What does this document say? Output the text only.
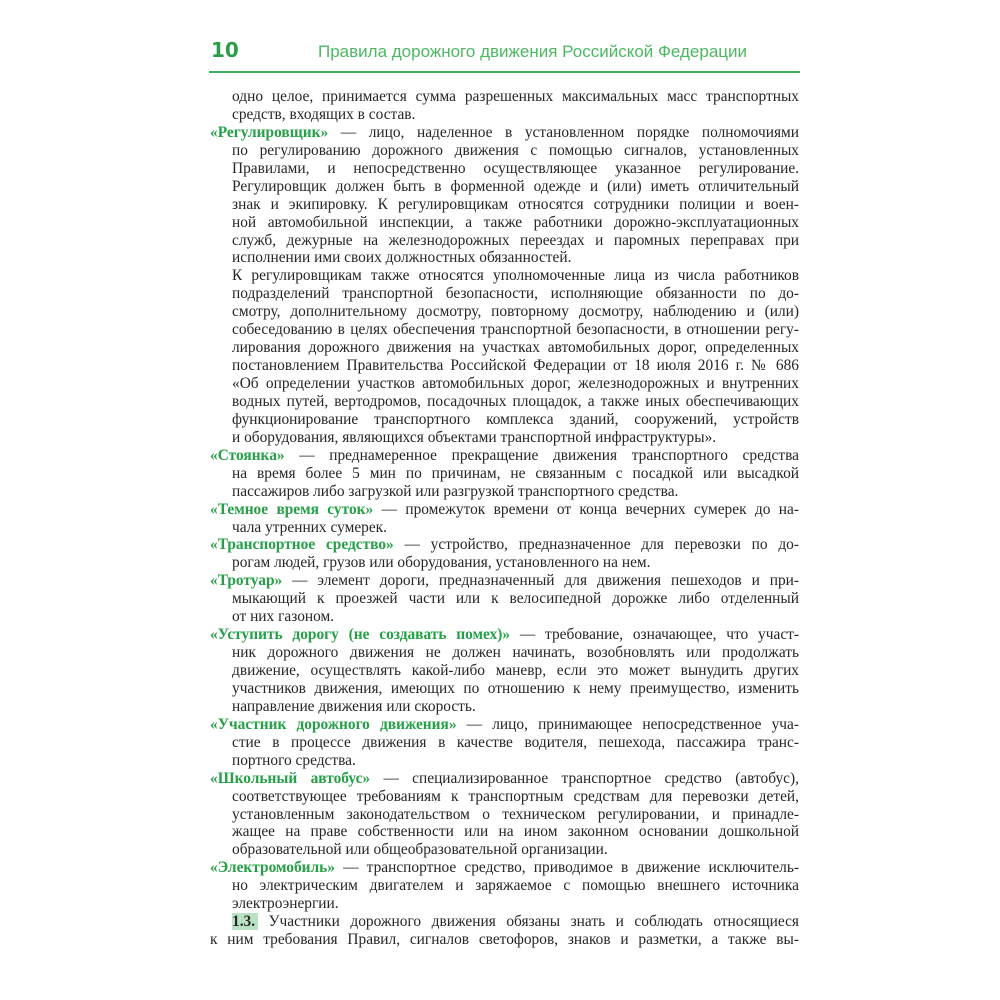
10	Правила дорожного движения Российской Федерации
одно целое, принимается сумма разрешенных максимальных масс транспортных
средств, входящих в состав.
«Регулировщик» — лицо, наделенное в установленном порядке полномочиями
по регулированию дорожного движения с помощью сигналов, установленных
Правилами, и непосредственно осуществляющее указанное регулирование.
Регулировщик должен быть в форменной одежде и (или) иметь отличительный
знак и экипировку. К регулировщикам относятся сотрудники полиции и воен-
ной автомобильной инспекции, а также работники дорожно-эксплуатационных
служб, дежурные на железнодорожных переездах и паромных переправах при
исполнении ими своих должностных обязанностей.
К регулировщикам также относятся уполномоченные лица из числа работников
подразделений транспортной безопасности, исполняющие обязанности по до-
смотру, дополнительному досмотру, повторному досмотру, наблюдению и (или)
собеседованию в целях обеспечения транспортной безопасности, в отношении регу-
лирования дорожного движения на участках автомобильных дорог, определенных
постановлением Правительства Российской Федерации от 18 июля 2016 г. № 686
«Об определении участков автомобильных дорог, железнодорожных и внутренних
водных путей, вертодромов, посадочных площадок, а также иных обеспечивающих
функционирование транспортного комплекса зданий, сооружений, устройств
и оборудования, являющихся объектами транспортной инфраструктуры».
«Стоянка» — преднамеренное прекращение движения транспортного средства
на время более 5 мин по причинам, не связанным с посадкой или высадкой
пассажиров либо загрузкой или разгрузкой транспортного средства.
«Темное время суток» — промежуток времени от конца вечерних сумерек до на-
чала утренних сумерек.
«Транспортное средство» — устройство, предназначенное для перевозки по до-
рогам людей, грузов или оборудования, установленного на нем.
«Тротуар» — элемент дороги, предназначенный для движения пешеходов и при-
мыкающий к проезжей части или к велосипедной дорожке либо отделенный
от них газоном.
«Уступить дорогу (не создавать помех)» — требование, означающее, что участ-
ник дорожного движения не должен начинать, возобновлять или продолжать
движение, осуществлять какой-либо маневр, если это может вынудить других
участников движения, имеющих по отношению к нему преимущество, изменить
направление движения или скорость.
«Участник дорожного движения» — лицо, принимающее непосредственное уча-
стие в процессе движения в качестве водителя, пешехода, пассажира транс-
портного средства.
«Школьный автобус» — специализированное транспортное средство (автобус),
соответствующее требованиям к транспортным средствам для перевозки детей,
установленным законодательством о техническом регулировании, и принадле-
жащее на праве собственности или на ином законном основании дошкольной
образовательной или общеобразовательной организации.
«Электромобиль» — транспортное средство, приводимое в движение исключитель-
но электрическим двигателем и заряжаемое с помощью внешнего источника
электроэнергии.
1.3. Участники дорожного движения обязаны знать и соблюдать относящиеся
к ним требования Правил, сигналов светофоров, знаков и разметки, а также вы-
